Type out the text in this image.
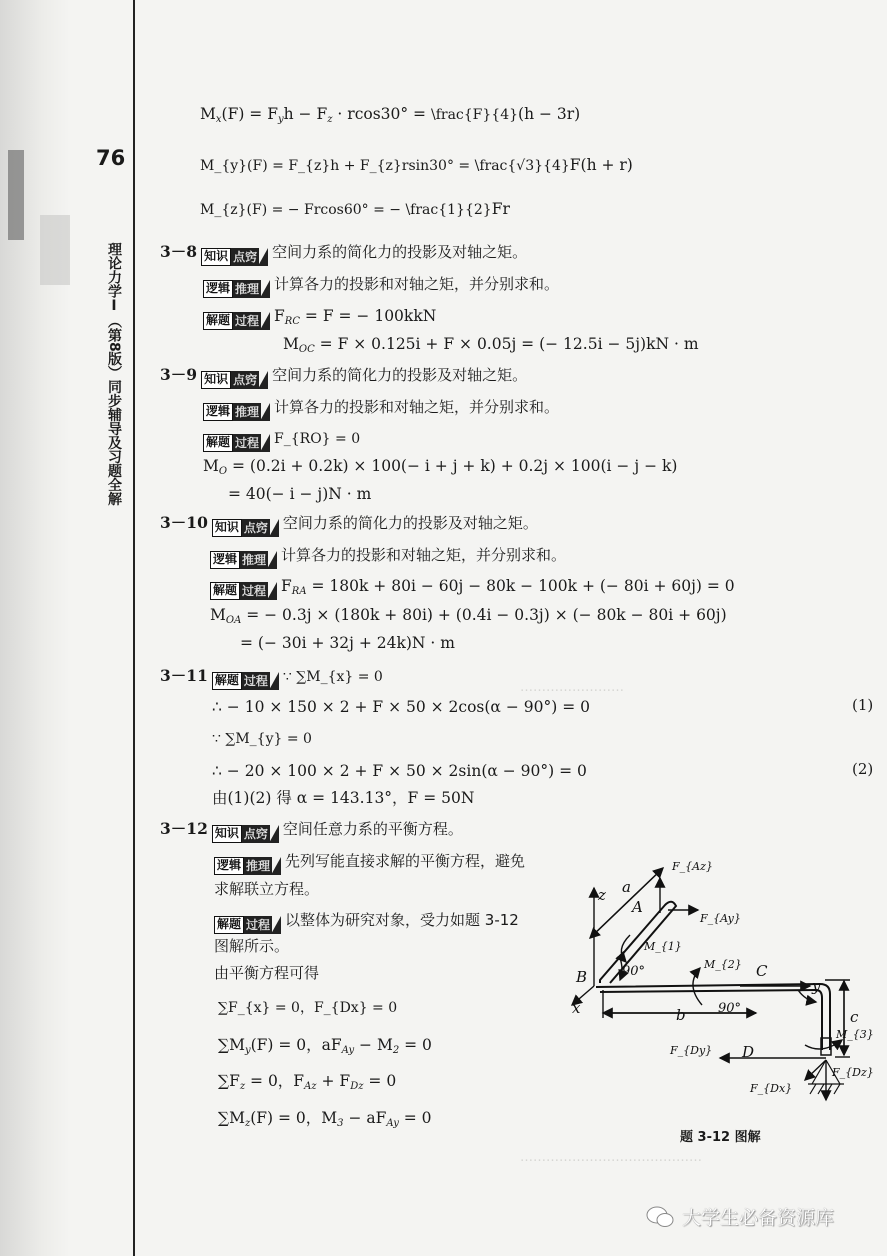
76
理论力学Ⅰ（第8版）同步辅导及习题全解
……………………
……………………………………
$M_x(F) = F_yh - F_z \cdot rcos30^\circ$ = \frac{F}{4}(h − 3r)
M_{y}(F) = F_{z}h + F_{z}rsin30° = \frac{√3}{4}F(h + r)
M_{z}(F) = − Frcos60° = − \frac{1}{2}Fr
3－8 知识 点窍 空间力系的简化力的投影及对轴之矩。
逻辑 推理 计算各力的投影和对轴之矩，并分别求和。
解题 过程 $F_{RC} = F$ = − 100kkN
$M_{OC} = F \times 0.125i + F \times 0.05j$ = (− 12.5i − 5j)kN · m
3－9 知识 点窍 空间力系的简化力的投影及对轴之矩。
逻辑 推理 计算各力的投影和对轴之矩，并分别求和。
解题 过程 F_{RO} = 0
$M_O = (0.2i + 0.2k) \times 100(- i + j + k) + 0.2j \times 100(i - j - k)$
= 40(− i − j)N · m
3－10 知识 点窍 空间力系的简化力的投影及对轴之矩。
逻辑 推理 计算各力的投影和对轴之矩，并分别求和。
解题 过程 $F_{RA} = 180k + 80i - 60j - 80k - 100k$ + (− 80i + 60j) = 0
$M_{OA}$ = − 0.3j × (180k + 80i) + (0.4i − 0.3j) × (− 80k − 80i + 60j)
= (− 30i + 32j + 24k)N · m
3－11 解题 过程 ∵ ∑M_{x} = 0
∴ − 10 × 150 × 2 + F × 50 × 2cos(α − 90°) = 0	(1)
∵ ∑M_{y} = 0
∴ − 20 × 100 × 2 + F × 50 × 2sin(α − 90°) = 0	(2)
由(1)(2) 得 α = 143.13°，F = 50N
3－12 知识 点窍 空间任意力系的平衡方程。
逻辑 推理 先列写能直接求解的平衡方程，避免
求解联立方程。
解题 过程 以整体为研究对象，受力如题 3-12
图解所示。
由平衡方程可得
∑F_{x} = 0，F_{Dx} = 0
$\sum M_y(F) = 0$，$aF_{Ay} - M_2 = 0$
$\sum F_z = 0$，$F_{Az} + F_{Dz} = 0$
$\sum M_z(F) = 0$，$M_3 - aF_{Ay} = 0$
F_{Az}
F_{Ay}
z a
A
M_{1}
90°
B
x
M_{2} C
y
90°
b	c
M_{3}
D
F_{Dy}
F_{Dx}
F_{Dz}
题 3-12 图解
大学生必备资源库
